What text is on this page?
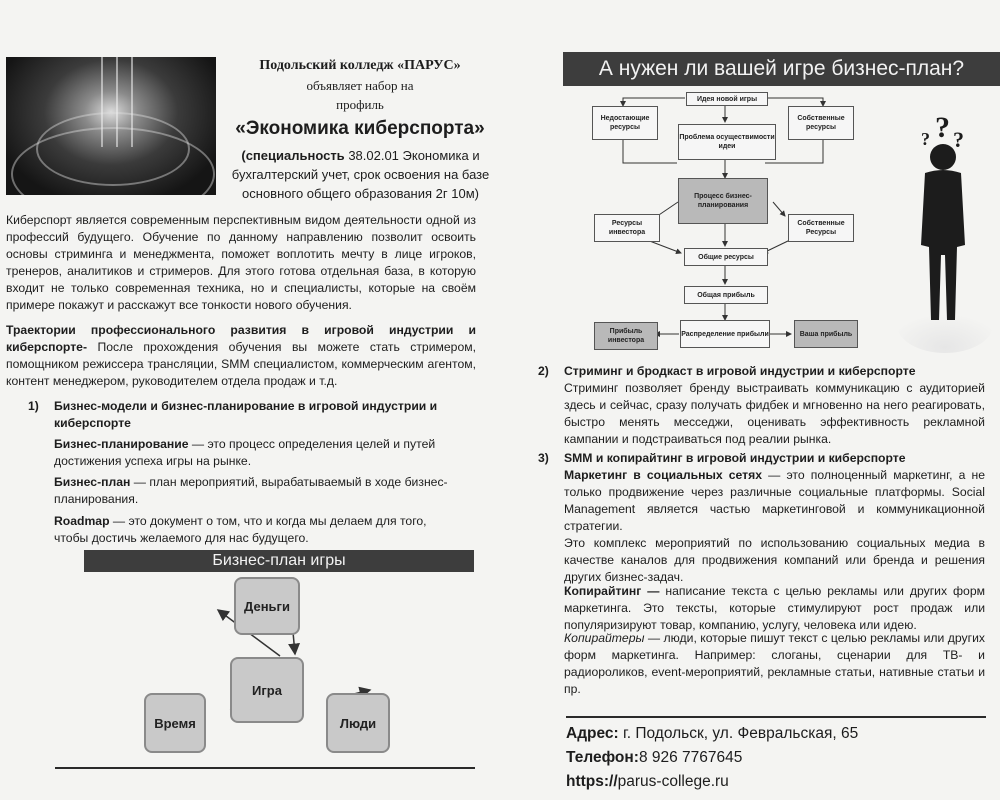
Подольский колледж «ПАРУС»
объявляет набор на
профиль
«Экономика киберспорта»
(специальность 38.02.01 Экономика и бухгалтерский учет, срок освоения на базе основного общего образования 2г 10м)
Киберспорт является современным перспективным видом деятельности одной из профессий будущего. Обучение по данному направлению позволит освоить основы стриминга и менеджмента, поможет воплотить мечту в лице игроков, тренеров, аналитиков и стримеров. Для этого готова отдельная база, в которую входит не только современная техника, но и специалисты, которые на своём примере покажут и расскажут все тонкости нового обучения.
Траектории профессионального развития в игровой индустрии и киберспорте- После прохождения обучения вы можете стать стримером, помощником режиссера трансляции, SMM специалистом, коммерческим агентом, контент менеджером, руководителем отдела продаж и т.д.
1)	Бизнес-модели и бизнес-планирование в игровой индустрии и киберспорте
Бизнес-планирование — это процесс определения целей и путей достижения успеха игры на рынке.
Бизнес-план — план мероприятий, вырабатываемый в ходе бизнес-планирования.
Roadmap — это документ о том, что и когда мы делаем для того, чтобы достичь желаемого для нас будущего.
Бизнес-план игры
Деньги
Игра
Время	Люди
А нужен ли вашей игре бизнес-план?
Идея новой игры
Недостающие ресурсы
Собственные ресурсы
Проблема осуществимости идеи
Процесс бизнес-планирования
Ресурсы инвестора
Собственные Ресурсы
Общие ресурсы
Общая прибыль
Распределение прибыли
Прибыль инвестора
Ваша прибыль
? ?
?
2)	Стриминг и бродкаст в игровой индустрии и киберспорте
Стриминг позволяет бренду выстраивать коммуникацию с аудиторией здесь и сейчас, сразу получать фидбек и мгновенно на него реагировать, быстро менять месседжи, оценивать эффективность рекламной кампании и подстраиваться под реалии рынка.
3)	SMM и копирайтинг в игровой индустрии и киберспорте
Маркетинг в социальных сетях — это полноценный маркетинг, а не только продвижение через различные социальные платформы. Social Management является частью маркетинговой и коммуникационной стратегии.
Это комплекс мероприятий по использованию социальных медиа в качестве каналов для продвижения компаний или бренда и решения других бизнес-задач.
Копирайтинг — написание текста с целью рекламы или других форм маркетинга. Это тексты, которые стимулируют рост продаж или популяризируют товар, компанию, услугу, человека или идею.
Копирайтеры — люди, которые пишут текст с целью рекламы или других форм маркетинга. Например: слоганы, сценарии для ТВ- и радиороликов, event-мероприятий, рекламные статьи, нативные статьи и пр.
Адрес: г. Подольск, ул. Февральская, 65
Телефон:8 926 7767645
https://parus-college.ru
